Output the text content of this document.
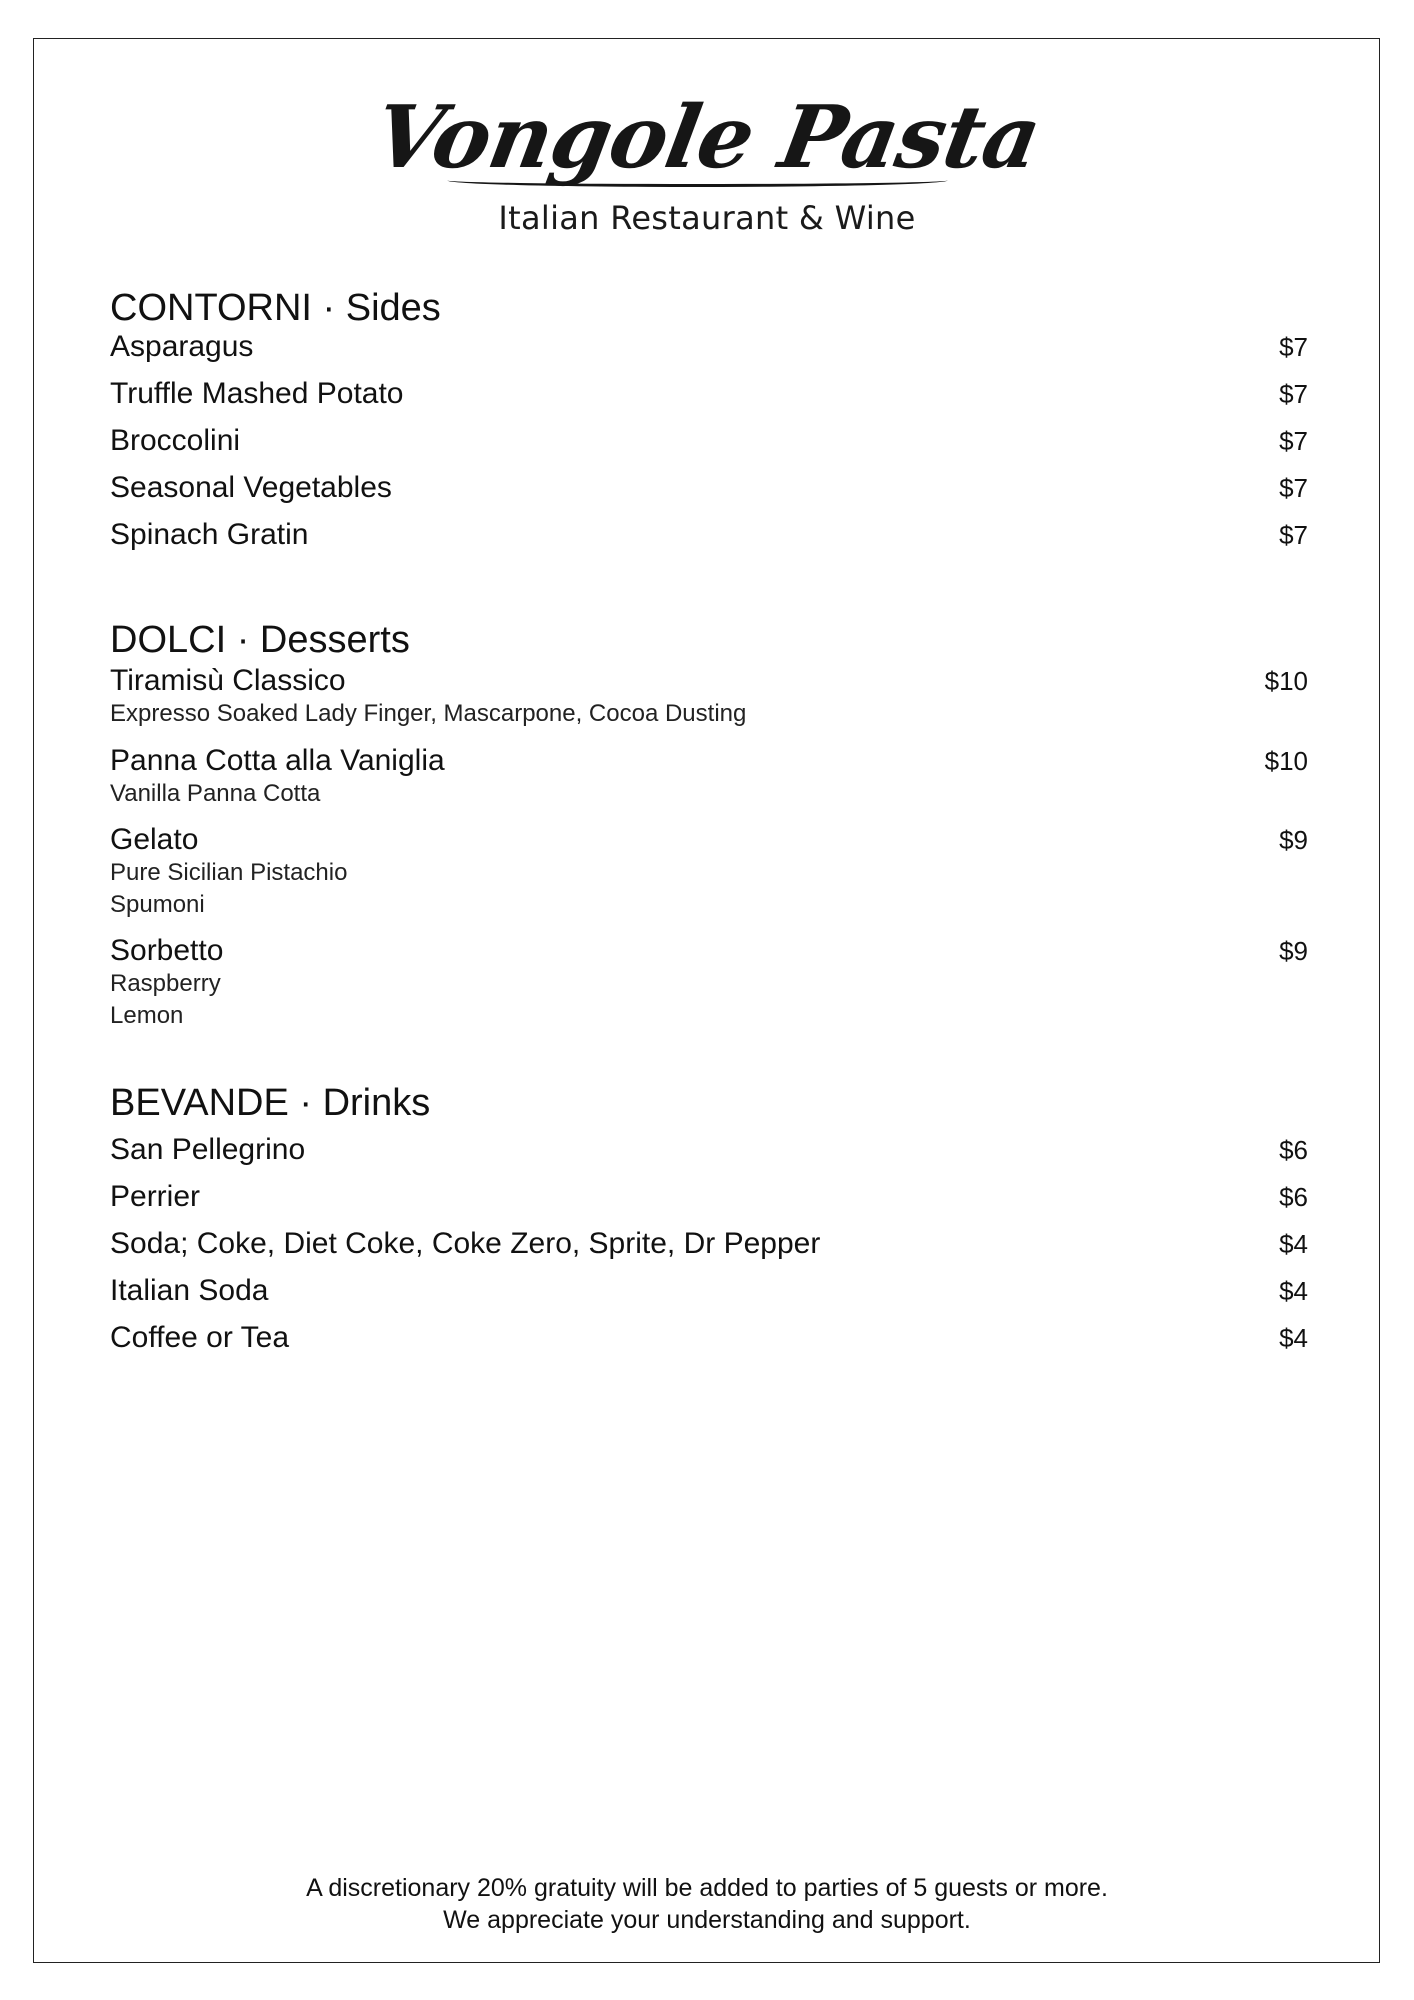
Vongole Pasta
Italian Restaurant & Wine
CONTORNI · Sides
Asparagus	$7
Truffle Mashed Potato	$7
Broccolini	$7
Seasonal Vegetables	$7
Spinach Gratin	$7
DOLCI · Desserts
Tiramisù Classico	$10
Expresso Soaked Lady Finger, Mascarpone, Cocoa Dusting
Panna Cotta alla Vaniglia	$10
Vanilla Panna Cotta
Gelato	$9
Pure Sicilian Pistachio
Spumoni
Sorbetto	$9
Raspberry
Lemon
BEVANDE · Drinks
San Pellegrino	$6
Perrier	$6
Soda; Coke, Diet Coke, Coke Zero, Sprite, Dr Pepper	$4
Italian Soda	$4
Coffee or Tea	$4
A discretionary 20% gratuity will be added to parties of 5 guests or more.
We appreciate your understanding and support.
